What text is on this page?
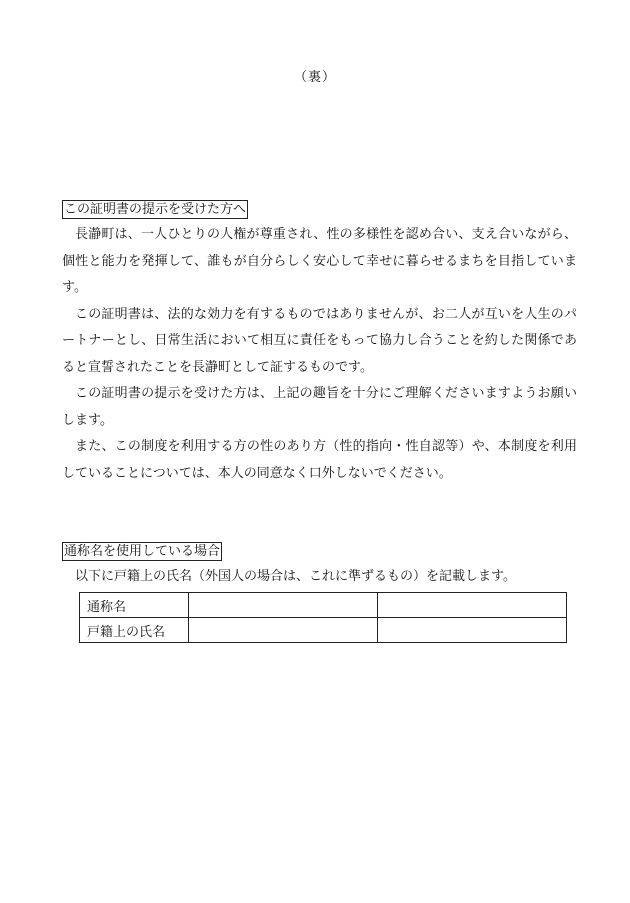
（裏）
この証明書の提示を受けた方へ

長瀞町は、一人ひとりの人権が尊重され、性の多様性を認め合い、支え合いながら、個性と能力を発揮して、誰もが自分らしく安心して幸せに暮らせるまちを目指しています。

この証明書は、法的な効力を有するものではありませんが、お二人が互いを人生のパートナーとし、日常生活において相互に責任をもって協力し合うことを約した関係であると宣誓されたことを長瀞町として証するものです。

この証明書の提示を受けた方は、上記の趣旨を十分にご理解くださいますようお願いします。

また、この制度を利用する方の性のあり方（性的指向・性自認等）や、本制度を利用していることについては、本人の同意なく口外しないでください。

通称名を使用している場合
以下に戸籍上の氏名（外国人の場合は、これに準ずるもの）を記載します。
通称名		
戸籍上の氏名		
